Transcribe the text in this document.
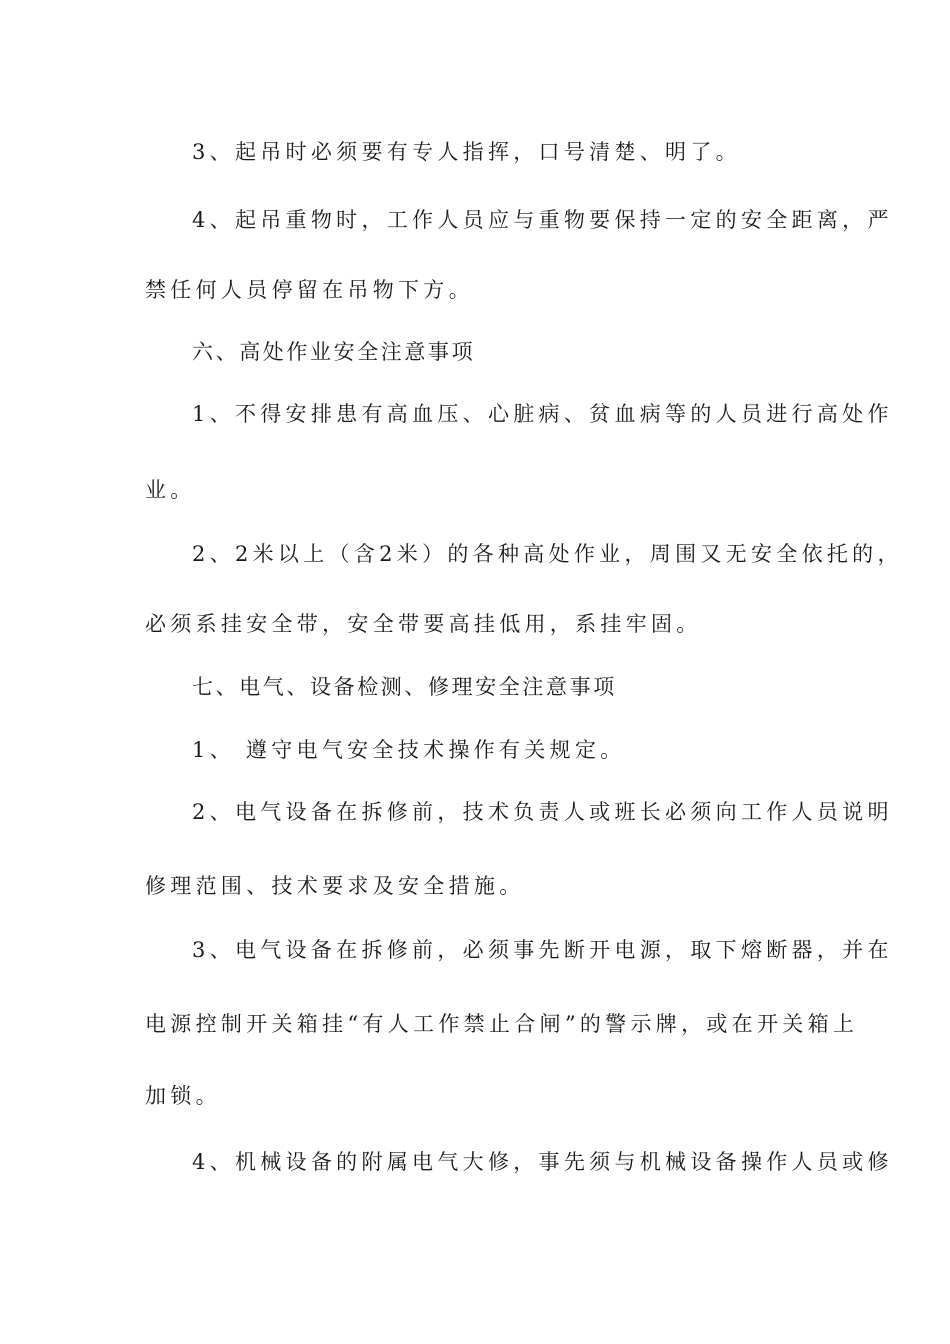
3、起吊时必须要有专人指挥，口号清楚、明了。
4、起吊重物时，工作人员应与重物要保持一定的安全距离，严
禁任何人员停留在吊物下方。
六、高处作业安全注意事项
1、不得安排患有高血压、心脏病、贫血病等的人员进行高处作
业。
2、2米以上（含2米）的各种高处作业，周围又无安全依托的，
必须系挂安全带，安全带要高挂低用，系挂牢固。
七、电气、设备检测、修理安全注意事项
1、 遵守电气安全技术操作有关规定。
2、电气设备在拆修前，技术负责人或班长必须向工作人员说明
修理范围、技术要求及安全措施。
3、电气设备在拆修前，必须事先断开电源，取下熔断器，并在
电源控制开关箱挂“有人工作禁止合闸”的警示牌，或在开关箱上
加锁。
4、机械设备的附属电气大修，事先须与机械设备操作人员或修
